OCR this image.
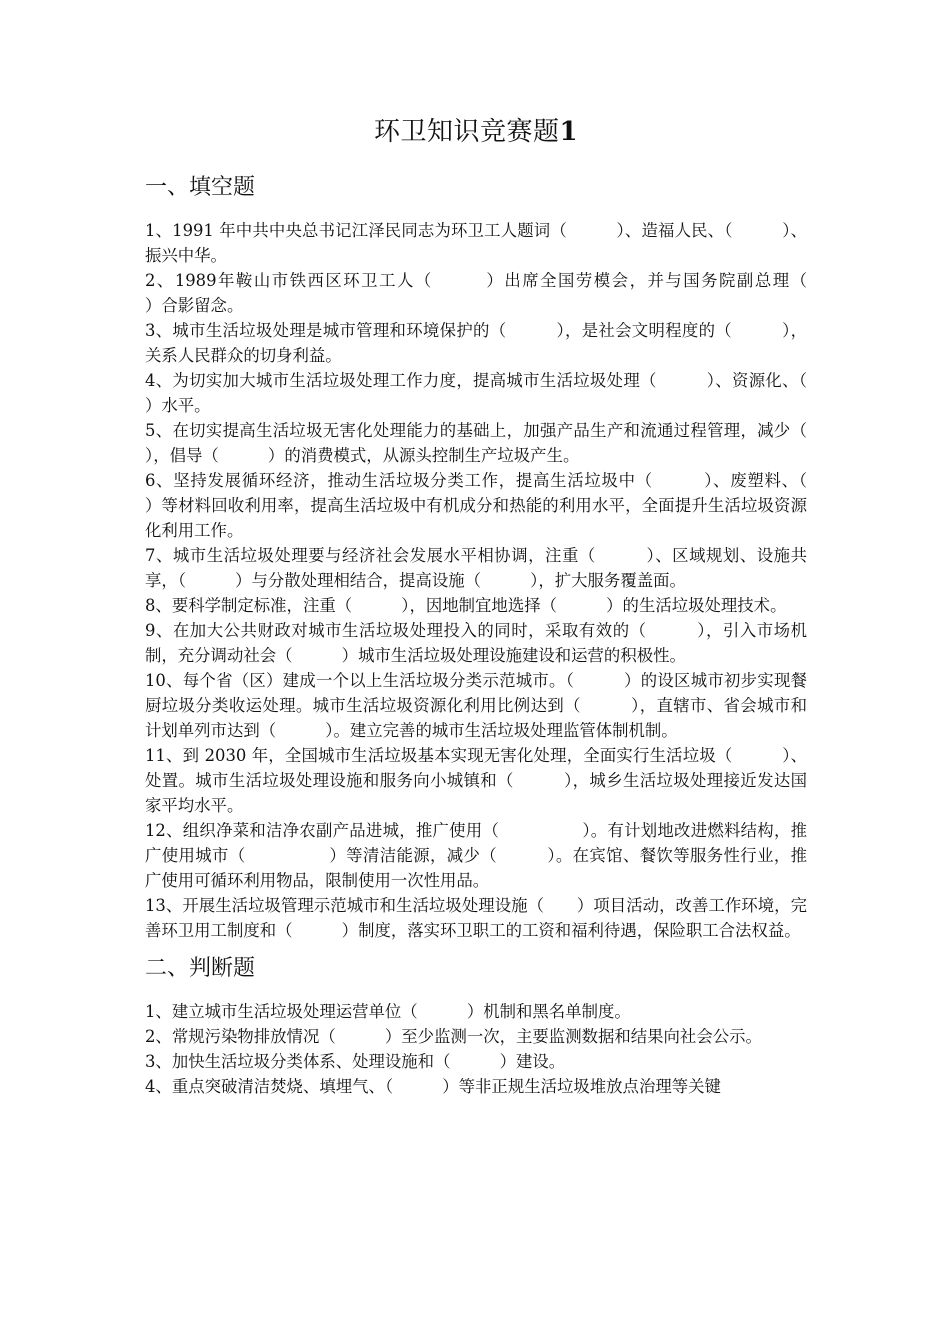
环卫知识竞赛题1
一、填空题

1、1991 年中共中央总书记江泽民同志为环卫工人题词（　　　）、造福人民、（　　　）、振兴中华。

2、1989年鞍山市铁西区环卫工人（　　　）出席全国劳模会，并与国务院副总理（　　　）合影留念。

3、城市生活垃圾处理是城市管理和环境保护的（　　　），是社会文明程度的（　　　），关系人民群众的切身利益。

4、为切实加大城市生活垃圾处理工作力度，提高城市生活垃圾处理（　　　）、资源化、（　　　）水平。

5、在切实提高生活垃圾无害化处理能力的基础上，加强产品生产和流通过程管理，减少（　　　），倡导（　　　）的消费模式，从源头控制生产垃圾产生。

6、坚持发展循环经济，推动生活垃圾分类工作，提高生活垃圾中（　　　）、废塑料、（　　　）等材料回收利用率，提高生活垃圾中有机成分和热能的利用水平，全面提升生活垃圾资源化利用工作。

7、城市生活垃圾处理要与经济社会发展水平相协调，注重（　　　）、区域规划、设施共享，（　　　）与分散处理相结合，提高设施（　　　），扩大服务覆盖面。

8、要科学制定标准，注重（　　　），因地制宜地选择（　　　）的生活垃圾处理技术。

9、在加大公共财政对城市生活垃圾处理投入的同时，采取有效的（　　　），引入市场机制，充分调动社会（　　　）城市生活垃圾处理设施建设和运营的积极性。

10、每个省（区）建成一个以上生活垃圾分类示范城市。（　　　）的设区城市初步实现餐厨垃圾分类收运处理。城市生活垃圾资源化利用比例达到（　　　），直辖市、省会城市和计划单列市达到（　　　）。建立完善的城市生活垃圾处理监管体制机制。

11、到 2030 年，全国城市生活垃圾基本实现无害化处理，全面实行生活垃圾（　　　）、处置。城市生活垃圾处理设施和服务向小城镇和（　　　），城乡生活垃圾处理接近发达国家平均水平。

12、组织净菜和洁净农副产品进城，推广使用（　　　　　）。有计划地改进燃料结构，推广使用城市（　　　　　）等清洁能源，减少（　　　）。在宾馆、餐饮等服务性行业，推广使用可循环利用物品，限制使用一次性用品。

13、开展生活垃圾管理示范城市和生活垃圾处理设施（　　）项目活动，改善工作环境，完善环卫用工制度和（　　　）制度，落实环卫职工的工资和福利待遇，保险职工合法权益。

二、判断题

1、建立城市生活垃圾处理运营单位（　　　）机制和黑名单制度。

2、常规污染物排放情况（　　　）至少监测一次，主要监测数据和结果向社会公示。

3、加快生活垃圾分类体系、处理设施和（　　　）建设。

4、重点突破清洁焚烧、填埋气、（　　　）等非正规生活垃圾堆放点治理等关键
